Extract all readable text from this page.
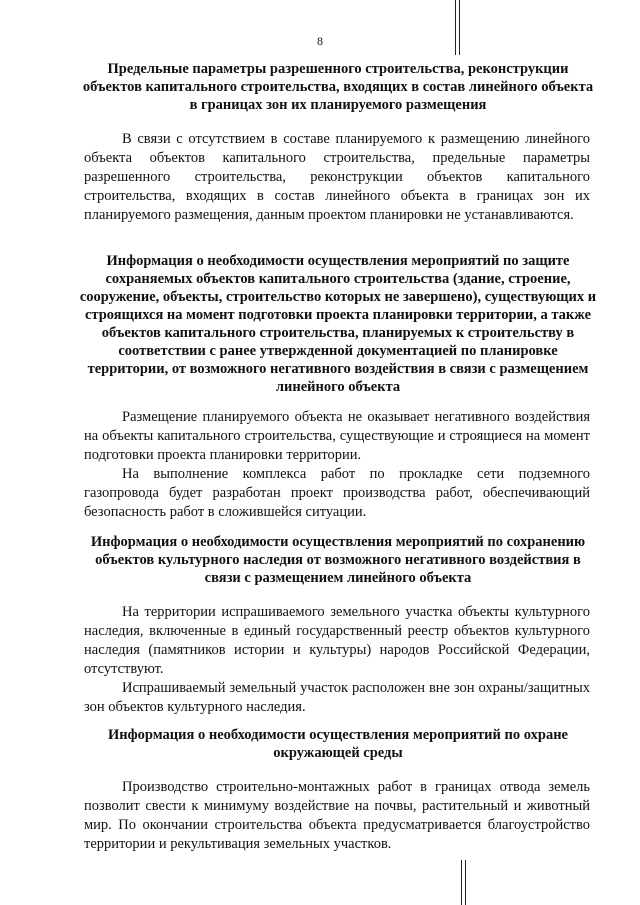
8
Предельные параметры разрешенного строительства, реконструкции объектов капитального строительства, входящих в состав линейного объекта в границах зон их планируемого размещения

В связи с отсутствием в составе планируемого к размещению линейного объекта объектов капитального строительства, предельные параметры разрешенного строительства, реконструкции объектов капитального строительства, входящих в состав линейного объекта в границах зон их планируемого размещения, данным проектом планировки не устанавливаются.

Информация о необходимости осуществления мероприятий по защите сохраняемых объектов капитального строительства (здание, строение, сооружение, объекты, строительство которых не завершено), существующих и строящихся на момент подготовки проекта планировки территории, а также объектов капитального строительства, планируемых к строительству в соответствии с ранее утвержденной документацией по планировке территории, от возможного негативного воздействия в связи с размещением линейного объекта

Размещение планируемого объекта не оказывает негативного воздействия на объекты капитального строительства, существующие и строящиеся на момент подготовки проекта планировки территории.

На выполнение комплекса работ по прокладке сети подземного газопровода будет разработан проект производства работ, обеспечивающий безопасность работ в сложившейся ситуации.

Информация о необходимости осуществления мероприятий по сохранению объектов культурного наследия от возможного негативного воздействия в связи с размещением линейного объекта

На территории испрашиваемого земельного участка объекты культурного наследия, включенные в единый государственный реестр объектов культурного наследия (памятников истории и культуры) народов Российской Федерации, отсутствуют.

Испрашиваемый земельный участок расположен вне зон охраны/защитных зон объектов культурного наследия.

Информация о необходимости осуществления мероприятий по охране окружающей среды

Производство строительно-монтажных работ в границах отвода земель позволит свести к минимуму воздействие на почвы, растительный и животный мир. По окончании строительства объекта предусматривается благоустройство территории и рекультивация земельных участков.
